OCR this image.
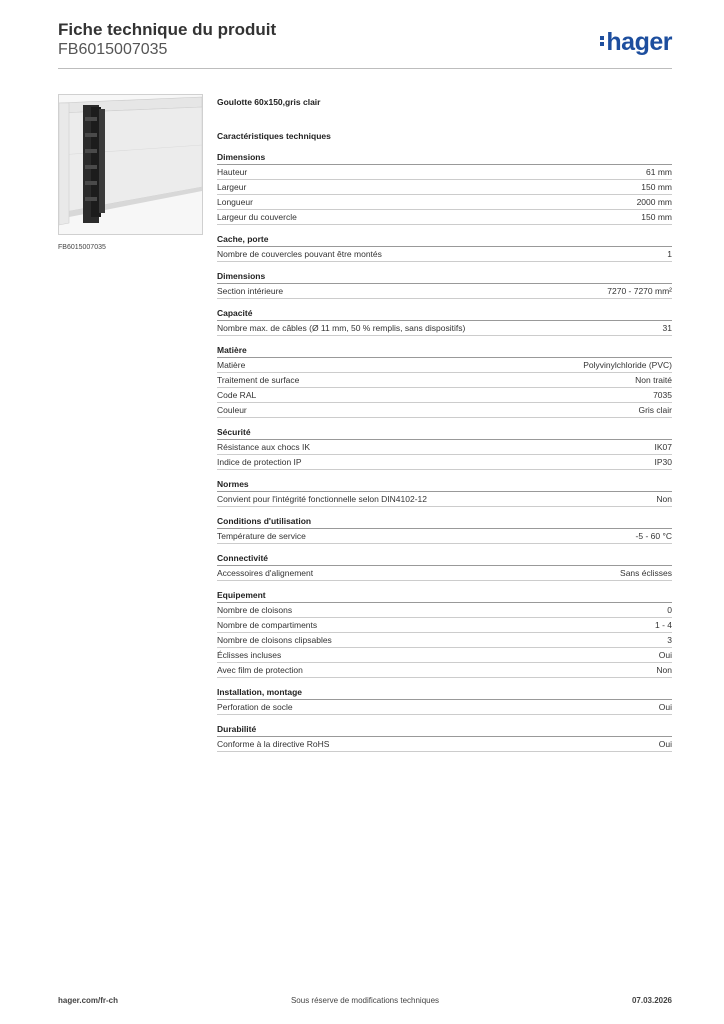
Fiche technique du produit
FB6015007035	hager
FB6015007035
Goulotte 60x150,gris clair
Caractéristiques techniques
Dimensions
Hauteur	61 mm
Largeur	150 mm
Longueur	2000 mm
Largeur du couvercle	150 mm
Cache, porte
Nombre de couvercles pouvant être montés	1
Dimensions
Section intérieure	7270 - 7270 mm²
Capacité
Nombre max. de câbles (Ø 11 mm, 50 % remplis, sans dispositifs)	31
Matière
Matière	Polyvinylchloride (PVC)
Traitement de surface	Non traité
Code RAL	7035
Couleur	Gris clair
Sécurité
Résistance aux chocs IK	IK07
Indice de protection IP	IP30
Normes
Convient pour l'intégrité fonctionnelle selon DIN4102-12	Non
Conditions d'utilisation
Température de service	-5 - 60 °C
Connectivité
Accessoires d'alignement	Sans éclisses
Equipement
Nombre de cloisons	0
Nombre de compartiments	1 - 4
Nombre de cloisons clipsables	3
Éclisses incluses	Oui
Avec film de protection	Non
Installation, montage
Perforation de socle	Oui
Durabilité
Conforme à la directive RoHS	Oui
hager.com/fr-ch	Sous réserve de modifications techniques	07.03.2026
